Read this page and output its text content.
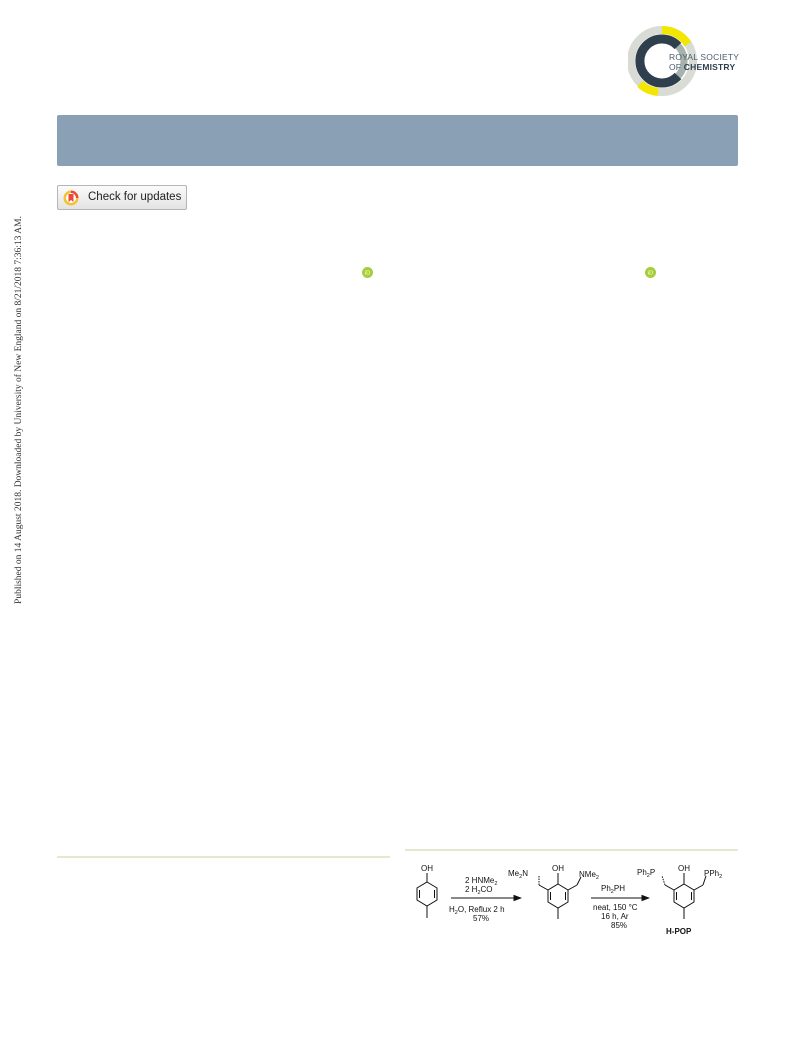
ROYAL SOCIETY
OF CHEMISTRY
Check for updates
Published on 14 August 2018. Downloaded by University of New England on 8/21/2018 7:36:13 AM.	iD	iD
OH
2 HNMe$_2$
2 $H_2CO$
$H_2O$, Reflux 2 h
57%
OH
$Me_2N$	NMe$_2$
$Ph_2PH$
neat, 150 °C
16 h, Ar
85%
OH
$Ph_2P$	PPh$_2$
H-POP
